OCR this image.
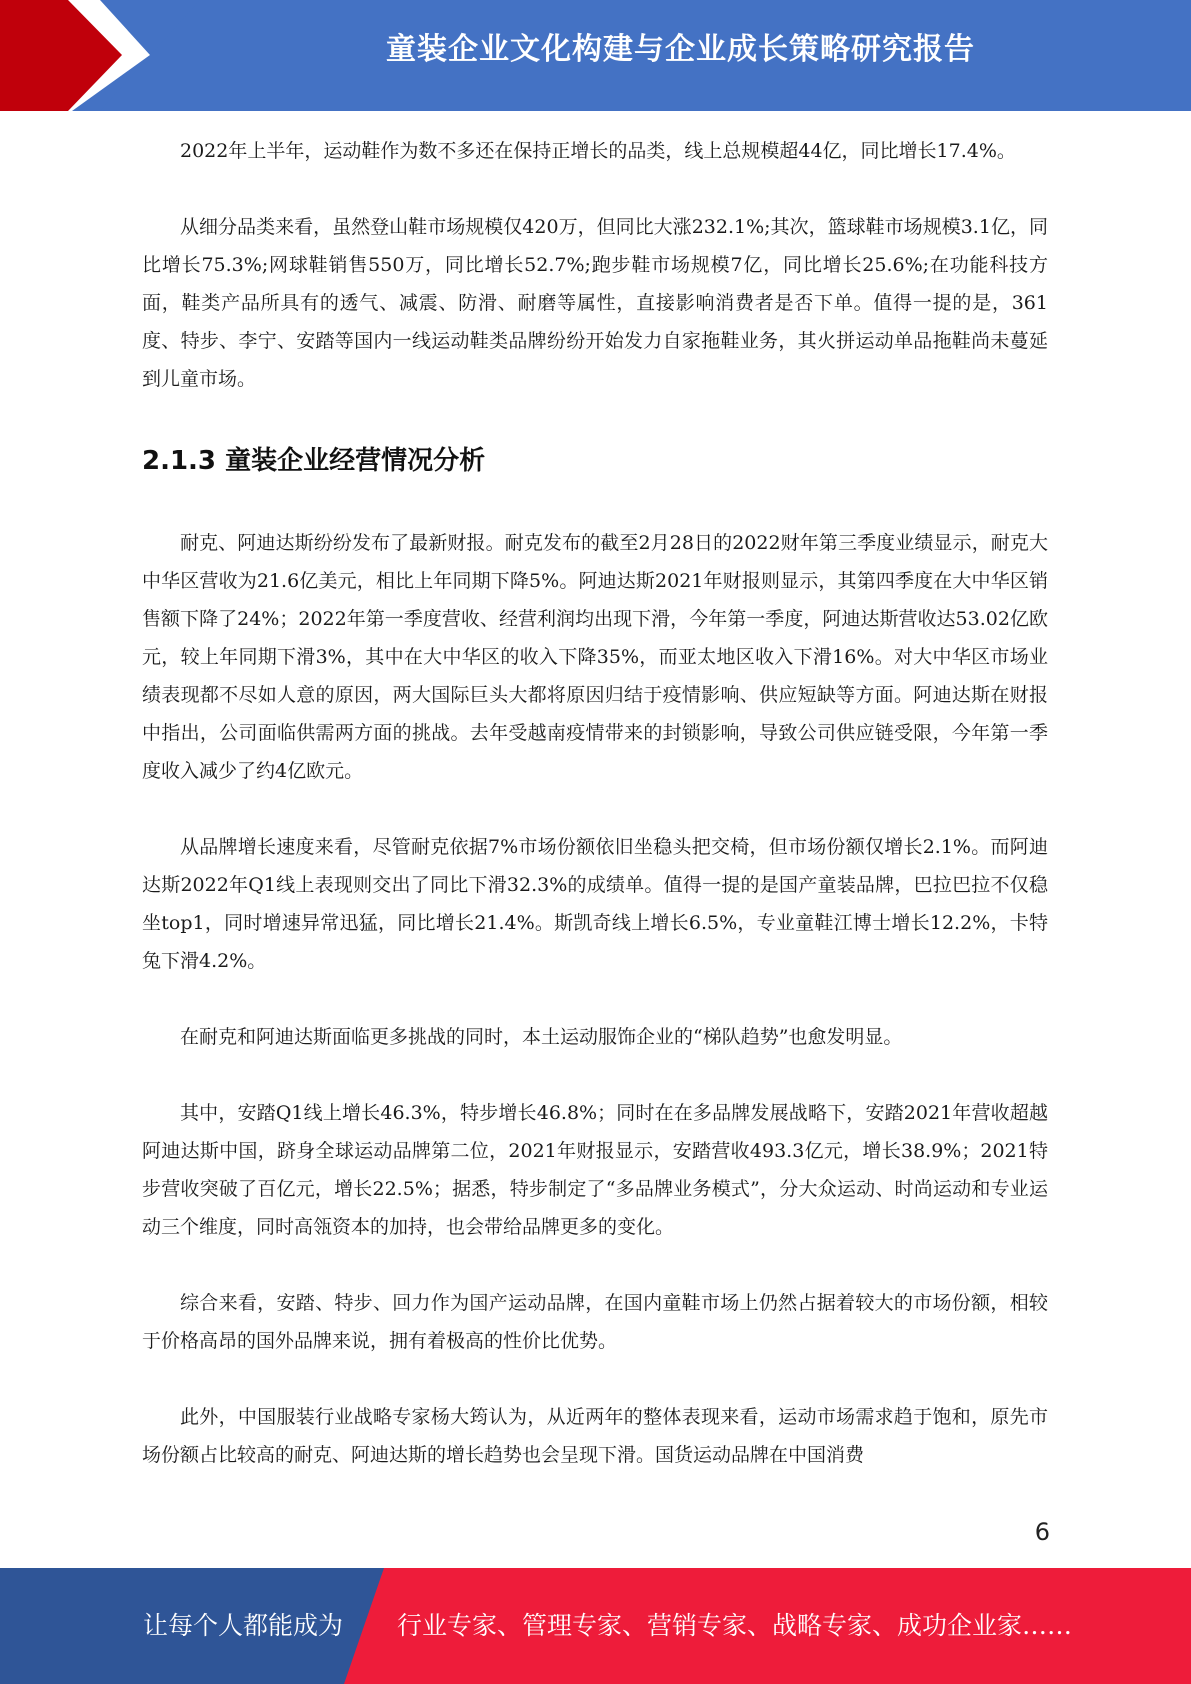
童装企业文化构建与企业成长策略研究报告

2022年上半年，运动鞋作为数不多还在保持正增长的品类，线上总规模超44亿，同比增长17.4%。

从细分品类来看，虽然登山鞋市场规模仅420万，但同比大涨232.1%;其次，篮球鞋市场规模3.1亿，同比增长75.3%;网球鞋销售550万，同比增长52.7%;跑步鞋市场规模7亿，同比增长25.6%;在功能科技方面，鞋类产品所具有的透气、减震、防滑、耐磨等属性，直接影响消费者是否下单。值得一提的是，361度、特步、李宁、安踏等国内一线运动鞋类品牌纷纷开始发力自家拖鞋业务，其火拼运动单品拖鞋尚未蔓延到儿童市场。

2.1.3 童装企业经营情况分析

耐克、阿迪达斯纷纷发布了最新财报。耐克发布的截至2月28日的2022财年第三季度业绩显示，耐克大中华区营收为21.6亿美元，相比上年同期下降5%。阿迪达斯2021年财报则显示，其第四季度在大中华区销售额下降了24%；2022年第一季度营收、经营利润均出现下滑，今年第一季度，阿迪达斯营收达53.02亿欧元，较上年同期下滑3%，其中在大中华区的收入下降35%，而亚太地区收入下滑16%。对大中华区市场业绩表现都不尽如人意的原因，两大国际巨头大都将原因归结于疫情影响、供应短缺等方面。阿迪达斯在财报中指出，公司面临供需两方面的挑战。去年受越南疫情带来的封锁影响，导致公司供应链受限，今年第一季度收入减少了约4亿欧元。

从品牌增长速度来看，尽管耐克依据7%市场份额依旧坐稳头把交椅，但市场份额仅增长2.1%。而阿迪达斯2022年Q1线上表现则交出了同比下滑32.3%的成绩单。值得一提的是国产童装品牌，巴拉巴拉不仅稳坐top1，同时增速异常迅猛，同比增长21.4%。斯凯奇线上增长6.5%，专业童鞋江博士增长12.2%，卡特兔下滑4.2%。

在耐克和阿迪达斯面临更多挑战的同时，本土运动服饰企业的“梯队趋势”也愈发明显。

其中，安踏Q1线上增长46.3%，特步增长46.8%；同时在在多品牌发展战略下，安踏2021年营收超越阿迪达斯中国，跻身全球运动品牌第二位，2021年财报显示，安踏营收493.3亿元，增长38.9%；2021特步营收突破了百亿元，增长22.5%；据悉，特步制定了“多品牌业务模式”，分大众运动、时尚运动和专业运动三个维度，同时高瓴资本的加持，也会带给品牌更多的变化。

综合来看，安踏、特步、回力作为国产运动品牌，在国内童鞋市场上仍然占据着较大的市场份额，相较于价格高昂的国外品牌来说，拥有着极高的性价比优势。

此外，中国服装行业战略专家杨大筠认为，从近两年的整体表现来看，运动市场需求趋于饱和，原先市场份额占比较高的耐克、阿迪达斯的增长趋势也会呈现下滑。国货运动品牌在中国消费

6
让每个人都能成为 行业专家、管理专家、营销专家、战略专家、成功企业家……
